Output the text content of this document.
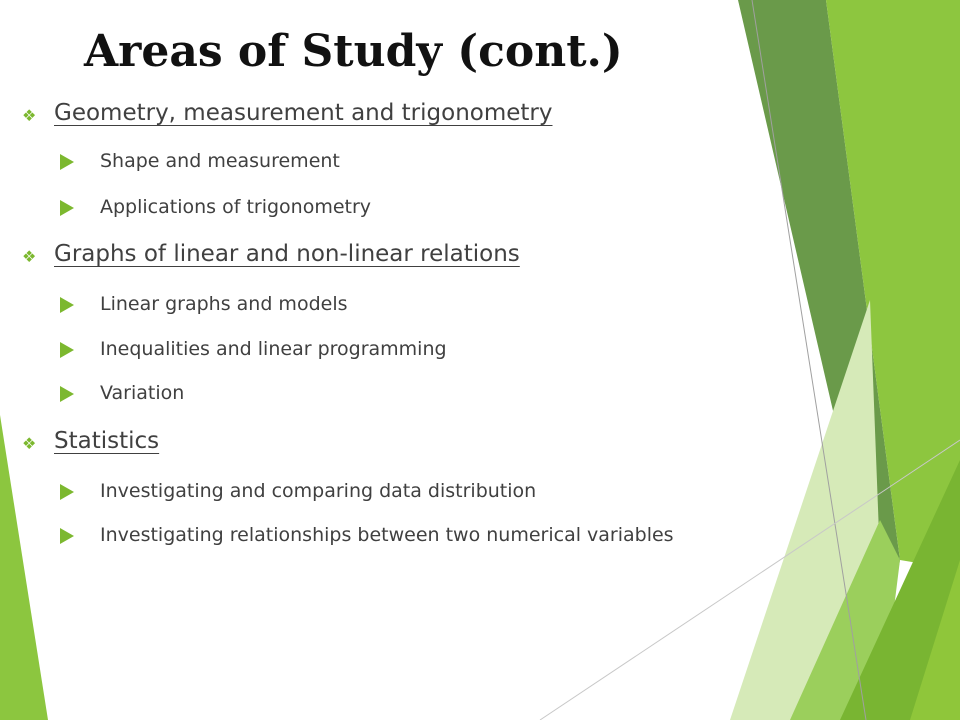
Areas of Study (cont.)
❖ Geometry, measurement and trigonometry
Shape and measurement
Applications of trigonometry
❖ Graphs of linear and non-linear relations
Linear graphs and models
Inequalities and linear programming
Variation
❖ Statistics
Investigating and comparing data distribution
Investigating relationships between two numerical variables
